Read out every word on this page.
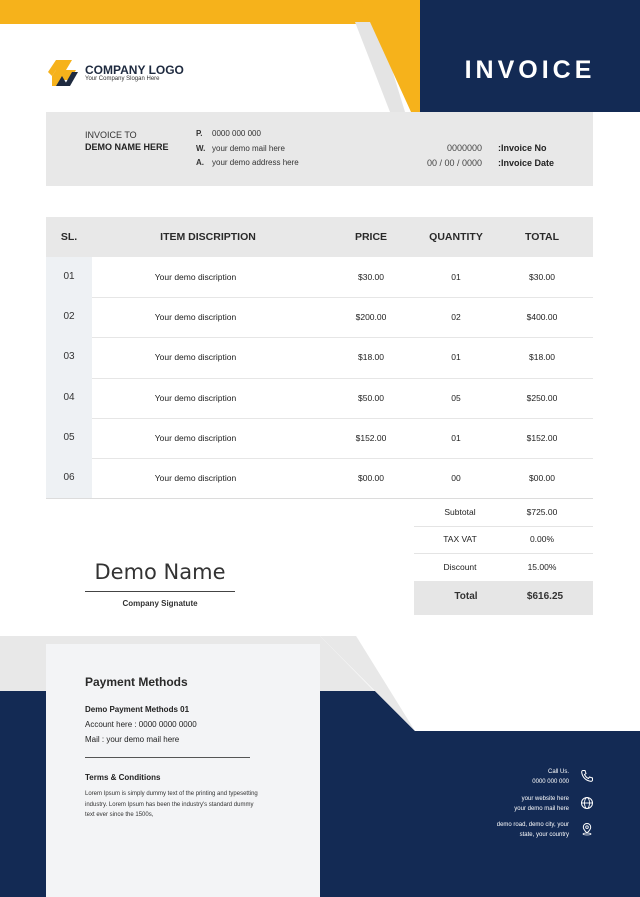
INVOICE
COMPANY LOGO
Your Company Slogan Here
INVOICE TO
DEMO NAME HERE
P. 0000 000 000
W. your demo mail here
A. your demo address here
0000000 :Invoice No
00 / 00 / 0000 :Invoice Date
SL.	ITEM DISCRIPTION	PRICE	QUANTITY	TOTAL
01	Your demo discription	$30.00	01	$30.00
02	Your demo discription	$200.00	02	$400.00
03	Your demo discription	$18.00	01	$18.00
04	Your demo discription	$50.00	05	$250.00
05	Your demo discription	$152.00	01	$152.00
06	Your demo discription	$00.00	00	$00.00
Subtotal	$725.00
TAX VAT	0.00%
Discount	15.00%
Total	$616.25
Demo Name
Company Signatute
Payment Methods
Demo Payment Methods 01
Account here : 0000 0000 0000
Mail : your demo mail here
Terms & Conditions
Lorem Ipsum is simply dummy text of the printing and typesetting industry. Lorem Ipsum has been the industry's standard dummy text ever since the 1500s,
Call Us.
0000 000 000
your website here
your demo mail here
demo road, demo city, your
state, your country
